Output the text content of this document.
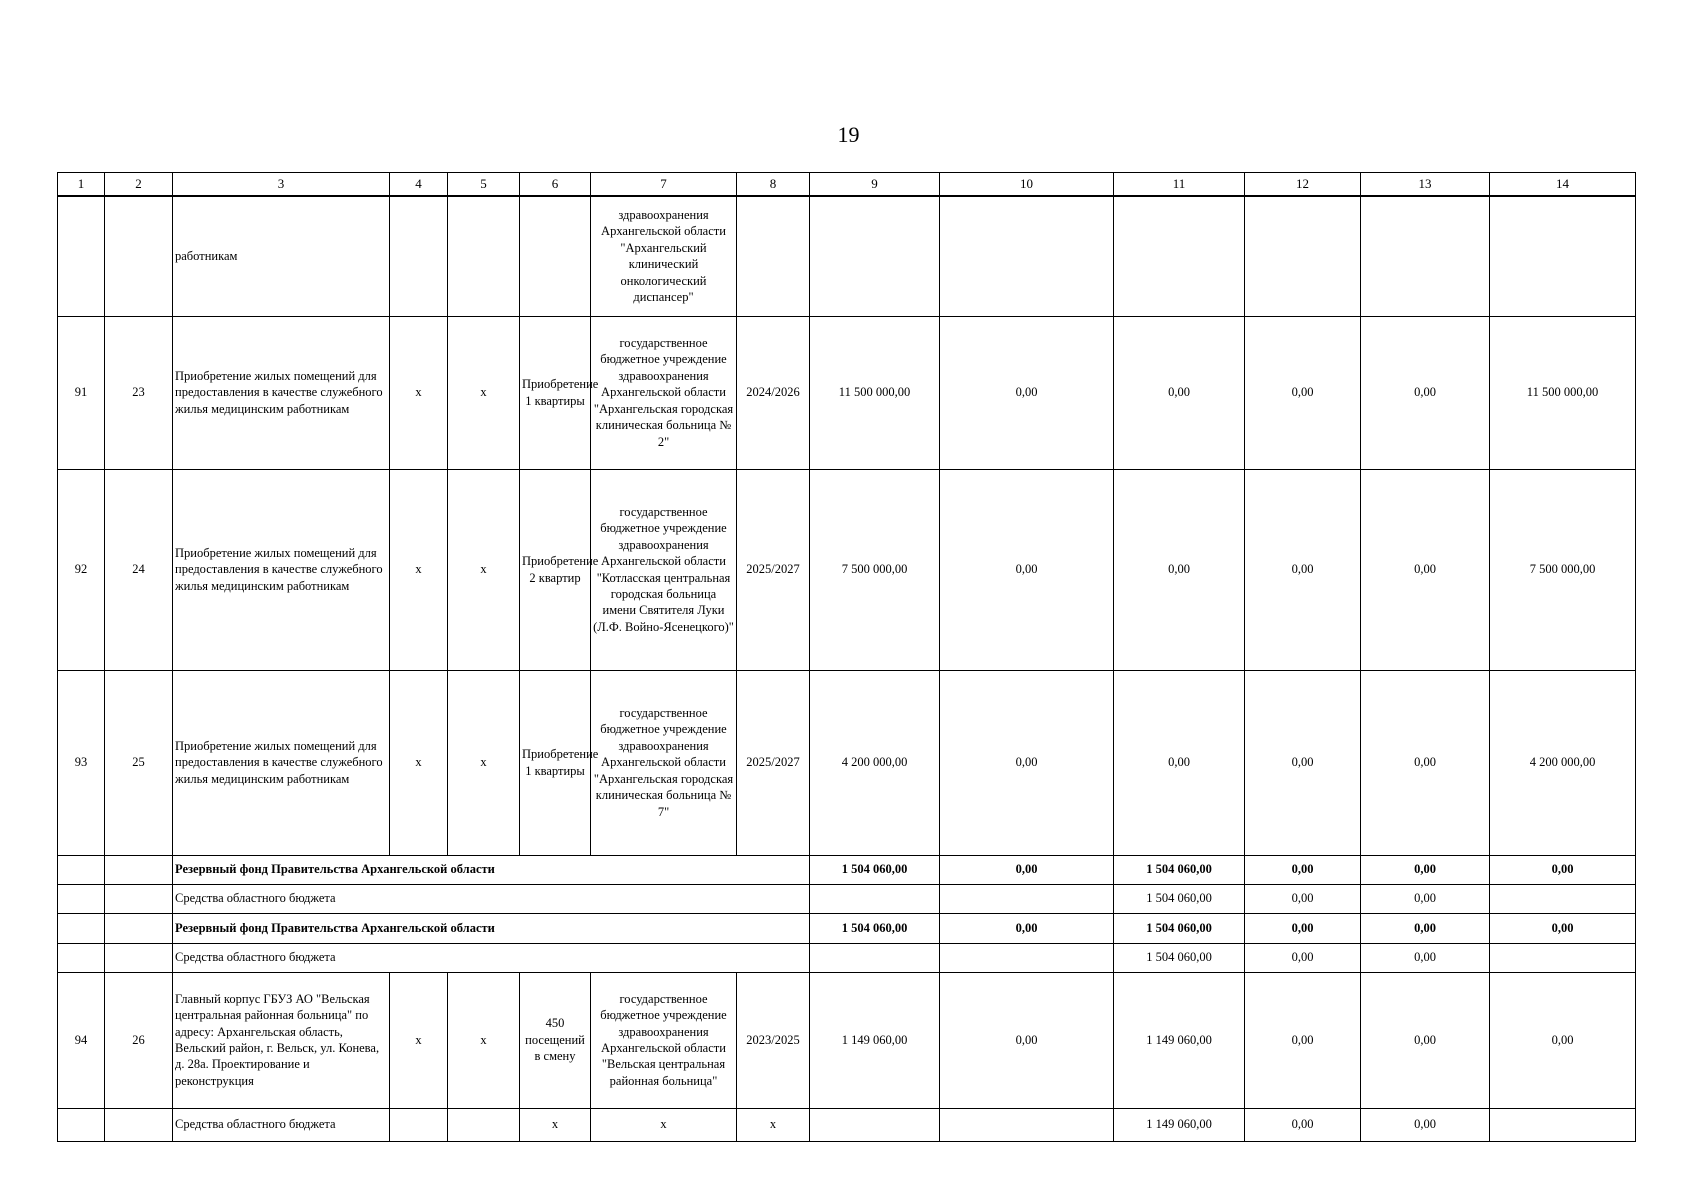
19
1	2	3	4	5	6	7	8	9	10	11	12	13	14
		работникам				здравоохранения Архангельской области "Архангельский клинический онкологический диспансер"							
91	23	Приобретение жилых помещений для предоставления в качестве служебного жилья медицинским работникам	х	х	Приобретение 1 квартиры	государственное бюджетное учреждение здравоохранения Архангельской области "Архангельская городская клиническая больница № 2"	2024/2026	11 500 000,00	0,00	0,00	0,00	0,00	11 500 000,00
92	24	Приобретение жилых помещений для предоставления в качестве служебного жилья медицинским работникам	х	х	Приобретение 2 квартир	государственное бюджетное учреждение здравоохранения Архангельской области "Котласская центральная городская больница имени Святителя Луки (Л.Ф. Войно-Ясенецкого)"	2025/2027	7 500 000,00	0,00	0,00	0,00	0,00	7 500 000,00
93	25	Приобретение жилых помещений для предоставления в качестве служебного жилья медицинским работникам	х	х	Приобретение 1 квартиры	государственное бюджетное учреждение здравоохранения Архангельской области "Архангельская городская клиническая больница № 7"	2025/2027	4 200 000,00	0,00	0,00	0,00	0,00	4 200 000,00
		Резервный фонд Правительства Архангельской области						1 504 060,00	0,00	1 504 060,00	0,00	0,00	0,00
		Средства областного бюджета								1 504 060,00	0,00	0,00	
		Резервный фонд Правительства Архангельской области						1 504 060,00	0,00	1 504 060,00	0,00	0,00	0,00
		Средства областного бюджета								1 504 060,00	0,00	0,00	
94	26	Главный корпус ГБУЗ АО "Вельская центральная районная больница" по адресу: Архангельская область, Вельский район, г. Вельск, ул. Конева, д. 28а. Проектирование и реконструкция	х	х	450 посещений в смену	государственное бюджетное учреждение здравоохранения Архангельской области "Вельская центральная районная больница"	2023/2025	1 149 060,00	0,00	1 149 060,00	0,00	0,00	0,00
		Средства областного бюджета			х	х	х			1 149 060,00	0,00	0,00	
